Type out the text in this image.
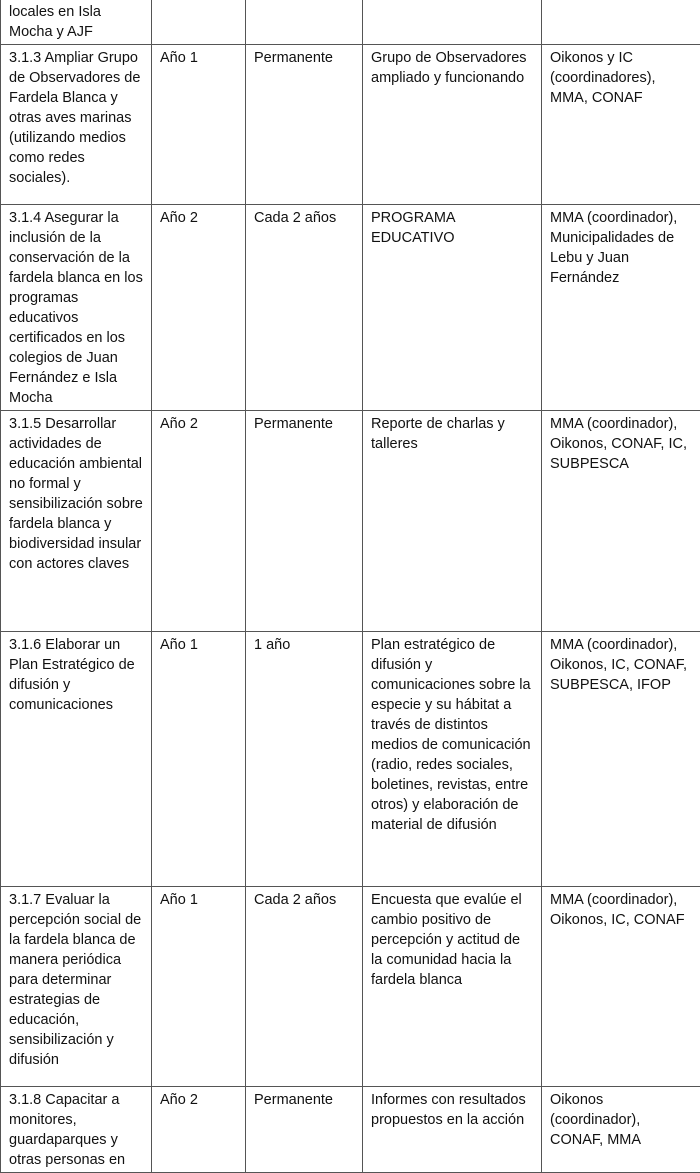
locales en Isla Mocha y AJF				
3.1.3 Ampliar Grupo de Observadores de Fardela Blanca y otras aves marinas (utilizando medios como redes sociales).	Año 1	Permanente	Grupo de Observadores ampliado y funcionando	Oikonos y IC (coordinadores), MMA, CONAF
3.1.4 Asegurar la inclusión de la conservación de la fardela blanca en los programas educativos certificados en los colegios de Juan Fernández e Isla Mocha	Año 2	Cada 2 años	PROGRAMA EDUCATIVO	MMA (coordinador), Municipalidades de Lebu y Juan Fernández
3.1.5 Desarrollar actividades de educación ambiental no formal y sensibilización sobre fardela blanca y biodiversidad insular con actores claves	Año 2	Permanente	Reporte de charlas y talleres	MMA (coordinador), Oikonos, CONAF, IC, SUBPESCA
3.1.6 Elaborar un Plan Estratégico de difusión y comunicaciones	Año 1	1 año	Plan estratégico de difusión y comunicaciones sobre la especie y su hábitat a través de distintos medios de comunicación (radio, redes sociales, boletines, revistas, entre otros) y elaboración de material de difusión	MMA (coordinador), Oikonos, IC, CONAF, SUBPESCA, IFOP
3.1.7 Evaluar la percepción social de la fardela blanca de manera periódica para determinar estrategias de educación, sensibilización y difusión	Año 1	Cada 2 años	Encuesta que evalúe el cambio positivo de percepción y actitud de la comunidad hacia la fardela blanca	MMA (coordinador), Oikonos, IC, CONAF
3.1.8 Capacitar a monitores, guardaparques y otras personas en	Año 2	Permanente	Informes con resultados propuestos en la acción	Oikonos (coordinador), CONAF, MMA
